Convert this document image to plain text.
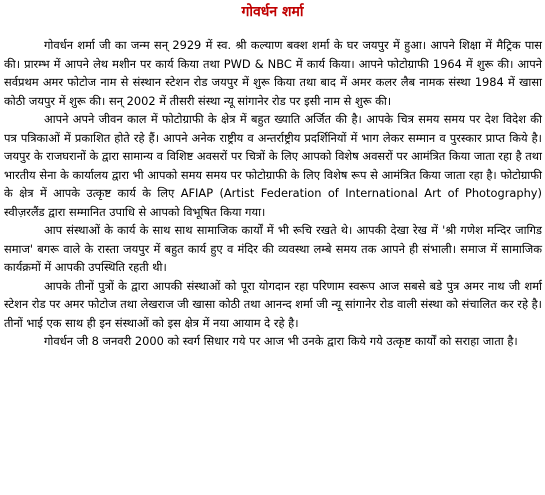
गोवर्धन शर्मा

गोवर्धन शर्मा जी का जन्म सन् 2929 में स्व. श्री कल्याण बक्श शर्मा के घर जयपुर में हुआ। आपने शिक्षा में मैट्रिक पास की। प्रारम्भ में आपने लेथ मशीन पर कार्य किया तथा PWD & NBC में कार्य किया। आपने फोटोग्राफी 1964 में शुरू की। आपने सर्वप्रथम अमर फोटोज नाम से संस्थान स्टेशन रोड जयपुर में शुरू किया तथा बाद में अमर कलर लैब नामक संस्था 1984 में खासा कोठी जयपुर में शुरू की। सन् 2002 में तीसरी संस्था न्यू सांगानेर रोड पर इसी नाम से शुरू की।

आपने अपने जीवन काल में फोटोग्राफी के क्षेत्र में बहुत ख्याति अर्जित की है। आपके चित्र समय समय पर देश विदेश की पत्र पत्रिकाओं में प्रकाशित होते रहे हैं। आपने अनेक राष्ट्रीय व अन्तर्राष्ट्रीय प्रदर्शिनियों में भाग लेकर सम्मान व पुरस्कार प्राप्त किये है। जयपुर के राजघरानों के द्वारा सामान्य व विशिष्ट अवसरों पर चित्रों के लिए आपको विशेष अवसरों पर आमंत्रित किया जाता रहा है तथा भारतीय सेना के कार्यालय द्वारा भी आपको समय समय पर फोटोग्राफी के लिए विशेष रूप से आमंत्रित किया जाता रहा है। फोटोग्राफी के क्षेत्र में आपके उत्कृष्ट कार्य के लिए AFIAP (Artist Federation of International Art of Photography) स्वीज़रलैंड द्वारा सम्मानित उपाधि से आपको विभूषित किया गया।

आप संस्थाओं के कार्य के साथ साथ सामाजिक कार्यों में भी रूचि रखते थे। आपकी देखा रेख में 'श्री गणेश मन्दिर जागिड समाज' बगरू वाले के रास्ता जयपुर में बहुत कार्य हुए व मंदिर की व्यवस्था लम्बे समय तक आपने ही संभाली। समाज में सामाजिक कार्यक्रमों में आपकी उपस्थिति रहती थी।

आपके तीनों पुत्रों के द्वारा आपकी संस्थाओं को पूरा योगदान रहा परिणाम स्वरूप आज सबसे बडे पुत्र अमर नाथ जी शर्मा स्टेशन रोड पर अमर फोटोज तथा लेखराज जी खासा कोठी तथा आनन्द शर्मा जी न्यू सांगानेर रोड वाली संस्था को संचालित कर रहे है। तीनों भाई एक साथ ही इन संस्थाओं को इस क्षेत्र में नया आयाम दे रहे है।

गोवर्धन जी 8 जनवरी 2000 को स्वर्ग सिधार गये पर आज भी उनके द्वारा किये गये उत्कृष्ट कार्यों को सराहा जाता है।
